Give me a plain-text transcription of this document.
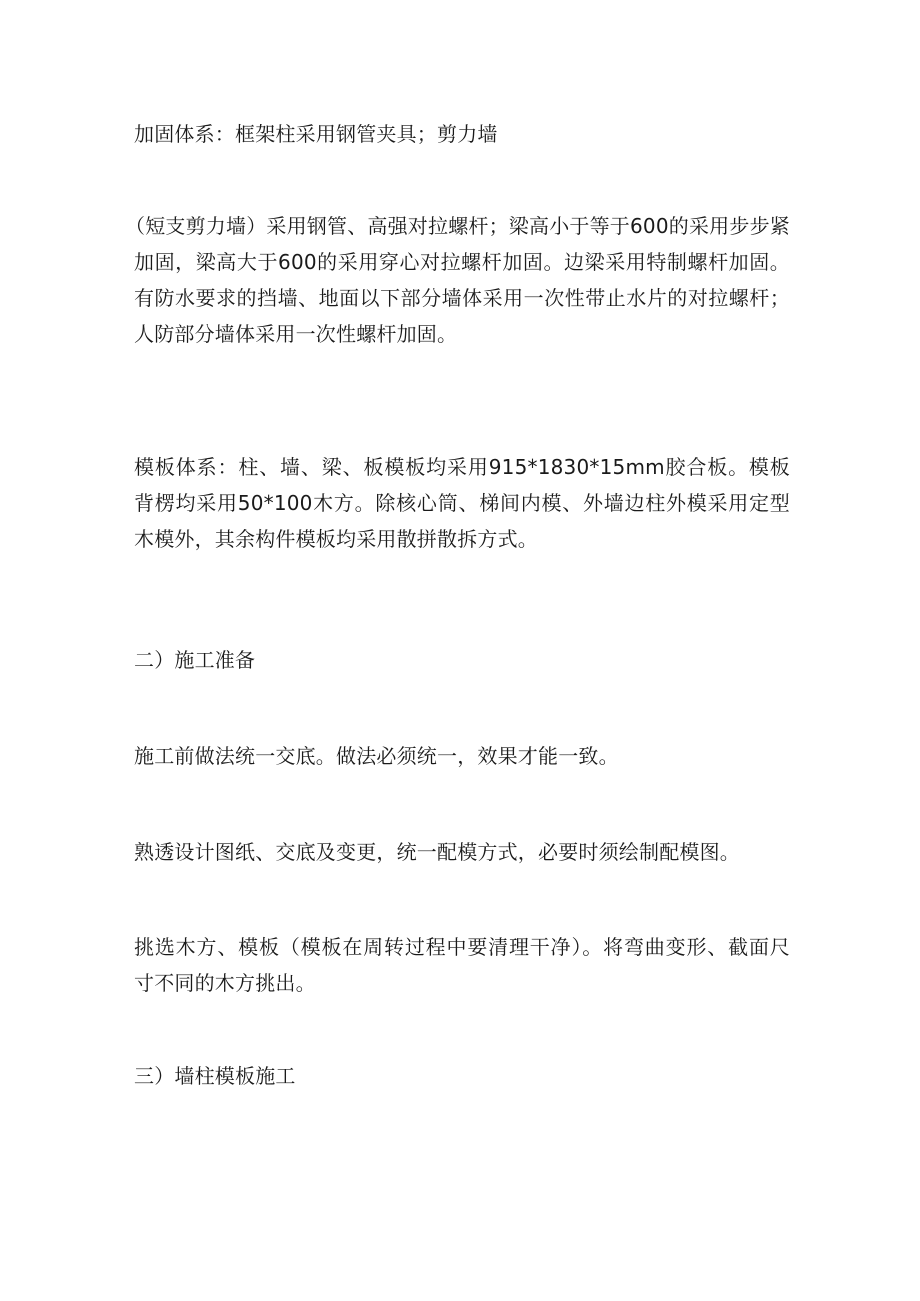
加固体系：框架柱采用钢管夹具；剪力墙

（短支剪力墙）采用钢管、高强对拉螺杆；梁高小于等于600的采用步步紧加固，梁高大于600的采用穿心对拉螺杆加固。边梁采用特制螺杆加固。有防水要求的挡墙、地面以下部分墙体采用一次性带止水片的对拉螺杆；人防部分墙体采用一次性螺杆加固。

模板体系：柱、墙、梁、板模板均采用915*1830*15mm胶合板。模板背楞均采用50*100木方。除核心筒、梯间内模、外墙边柱外模采用定型木模外，其余构件模板均采用散拼散拆方式。

二）施工准备

施工前做法统一交底。做法必须统一，效果才能一致。

熟透设计图纸、交底及变更，统一配模方式，必要时须绘制配模图。

挑选木方、模板（模板在周转过程中要清理干净）。将弯曲变形、截面尺寸不同的木方挑出。

三）墙柱模板施工
